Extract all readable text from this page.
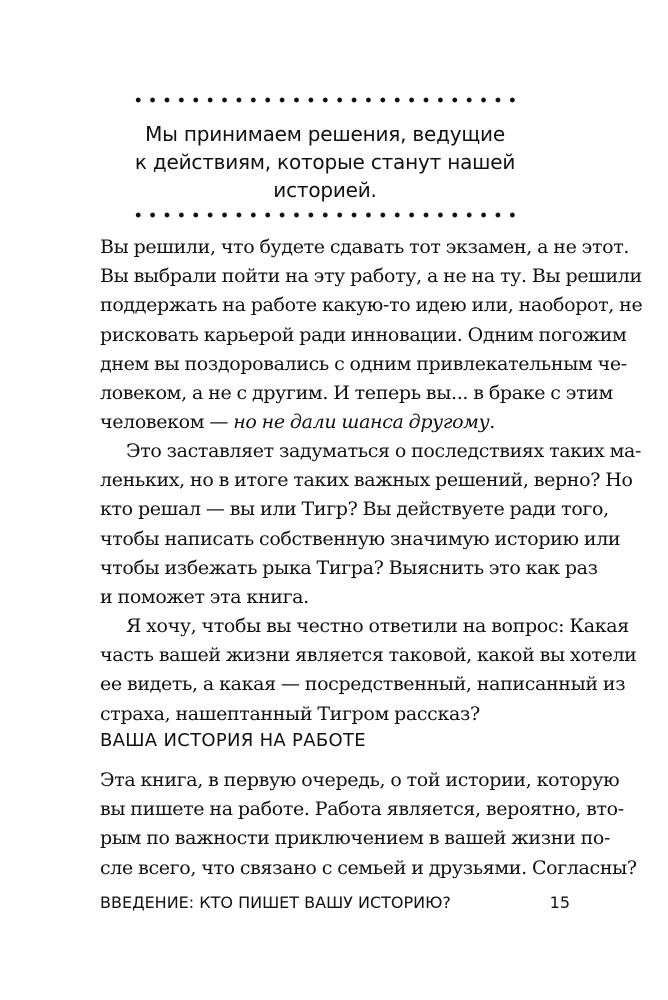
Мы принимаем решения, ведущие
к действиям, которые станут нашей
историей.

Вы решили, что будете сдавать тот экзамен, а не этот.

Вы выбрали пойти на эту работу, а не на ту. Вы решили

поддержать на работе какую-то идею или, наоборот, не

рисковать карьерой ради инновации. Одним погожим

днем вы поздоровались с одним привлекательным че-

ловеком, а не с другим. И теперь вы... в браке с этим

человеком — но не дали шанса другому.

Это заставляет задуматься о последствиях таких ма-

леньких, но в итоге таких важных решений, верно? Но

кто решал — вы или Тигр? Вы действуете ради того,

чтобы написать собственную значимую историю или

чтобы избежать рыка Тигра? Выяснить это как раз

и поможет эта книга.

Я хочу, чтобы вы честно ответили на вопрос: Какая

часть вашей жизни является таковой, какой вы хотели

ее видеть, а какая — посредственный, написанный из

страха, нашептанный Тигром рассказ?

ВАША ИСТОРИЯ НА РАБОТЕ

Эта книга, в первую очередь, о той истории, которую

вы пишете на работе. Работа является, вероятно, вто-

рым по важности приключением в вашей жизни по-

сле всего, что связано с семьей и друзьями. Согласны?

ВВЕДЕНИЕ: КТО ПИШЕТ ВАШУ ИСТОРИЮ?	15
